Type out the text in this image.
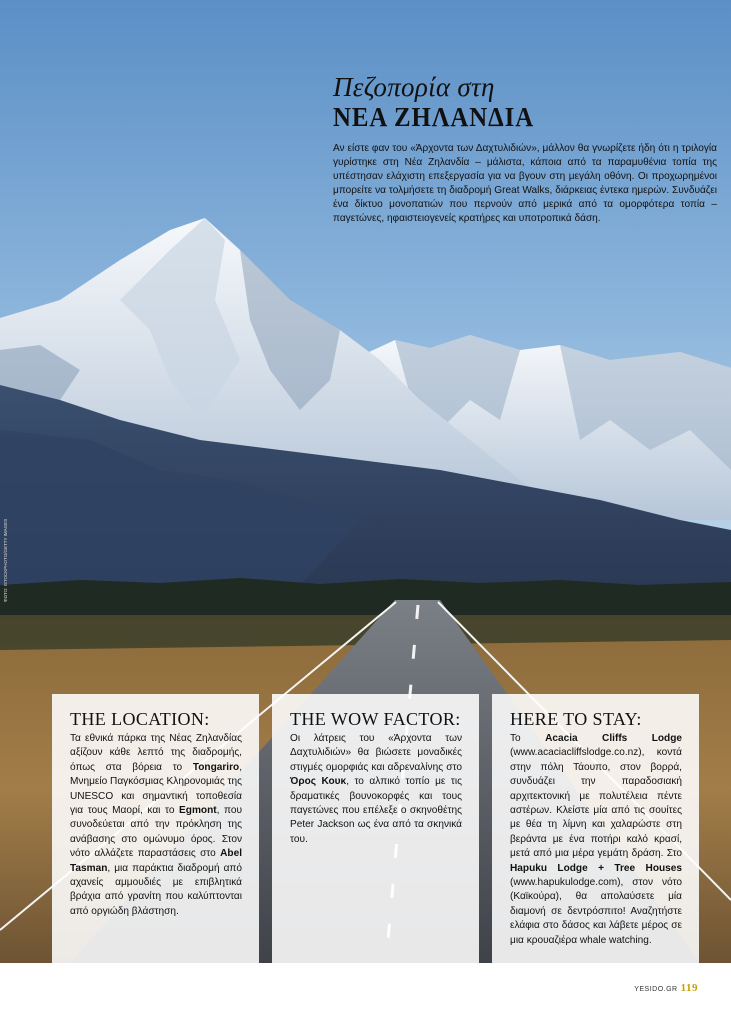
ΦΩΤΟ: ISTOCKPHOTO/GETTY IMAGES
Πεζοπορία στη
ΝΕΑ ΖΗΛΑΝΔΙΑ

Αν είστε φαν του «Άρχοντα των Δαχτυλιδιών», μάλλον θα γνωρίζετε ήδη ότι η τριλογία γυρίστηκε στη Νέα Ζηλανδία – μάλιστα, κάποια από τα παραμυθένια τοπία της υπέστησαν ελάχιστη επεξεργασία για να βγουν στη μεγάλη οθόνη. Οι προχωρημένοι μπορείτε να τολμήσετε τη διαδρομή Great Walks, διάρκειας έντεκα ημερών. Συνδυάζει ένα δίκτυο μονοπατιών που περνούν από μερικά από τα ομορφότερα τοπία – παγετώνες, ηφαιστειογενείς κρατήρες και υποτροπικά δάση.

THE LOCATION:

Τα εθνικά πάρκα της Νέας Ζηλανδίας αξίζουν κάθε λεπτό της διαδρομής, όπως στα βόρεια το Tongariro, Μνημείο Παγκόσμιας Κληρονομιάς της UNESCO και σημαντική τοποθεσία για τους Μαορί, και το Egmont, που συνοδεύεται από την πρόκληση της ανάβασης στο ομώνυμο όρος. Στον νότο αλλάζετε παραστάσεις στο Abel Tasman, μια παράκτια διαδρομή από αχανείς αμμουδιές με επιβλητικά βράχια από γρανίτη που καλύπτονται από οργιώδη βλάστηση.

THE WOW FACTOR:

Οι λάτρεις του «Άρχοντα των Δαχτυλιδιών» θα βιώσετε μοναδικές στιγμές ομορφιάς και αδρεναλίνης στο Όρος Κουκ, το αλπικό τοπίο με τις δραματικές βουνοκορφές και τους παγετώνες που επέλεξε ο σκηνοθέτης Peter Jackson ως ένα από τα σκηνικά του.

HERE TO STAY:

Το Acacia Cliffs Lodge (www.acaciacliffslodge.co.nz), κοντά στην πόλη Τάουπο, στον βορρά, συνδυάζει την παραδοσιακή αρχιτεκτονική με πολυτέλεια πέντε αστέρων. Κλείστε μία από τις σουίτες με θέα τη λίμνη και χαλαρώστε στη βεράντα με ένα ποτήρι καλό κρασί, μετά από μια μέρα γεμάτη δράση. Στο Hapuku Lodge + Tree Houses (www.hapukulodge.com), στον νότο (Καϊκούρα), θα απολαύσετε μία διαμονή σε δεντρόσπιτο! Αναζητήστε ελάφια στο δάσος και λάβετε μέρος σε μια κρουαζιέρα whale watching.

YESIDO.GR 119
